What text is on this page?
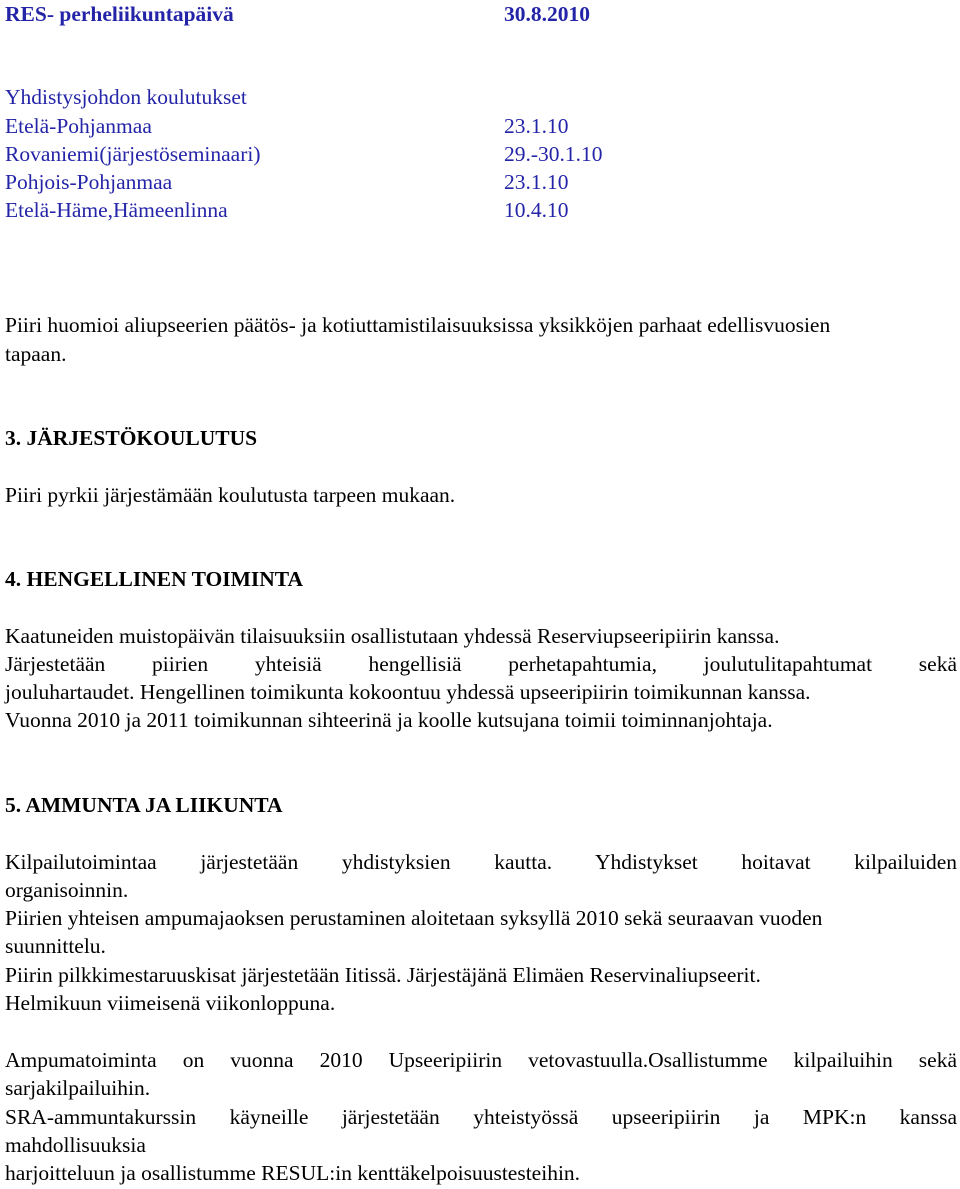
RES- perheliikuntapäivä	30.8.2010
Yhdistysjohdon koulutukset
Etelä-Pohjanmaa	23.1.10
Rovaniemi(järjestöseminaari)	29.-30.1.10
Pohjois-Pohjanmaa	23.1.10
Etelä-Häme,Hämeenlinna	10.4.10
Piiri huomioi aliupseerien päätös- ja kotiuttamistilaisuuksissa yksikköjen parhaat edellisvuosien
tapaan.
3. JÄRJESTÖKOULUTUS
Piiri pyrkii järjestämään koulutusta tarpeen mukaan.
4. HENGELLINEN TOIMINTA
Kaatuneiden muistopäivän tilaisuuksiin osallistutaan yhdessä Reserviupseeripiirin kanssa.
Järjestetään piirien yhteisiä hengellisiä perhetapahtumia, joulutulitapahtumat sekä
jouluhartaudet. Hengellinen toimikunta kokoontuu yhdessä upseeripiirin toimikunnan kanssa.
Vuonna 2010 ja 2011 toimikunnan sihteerinä ja koolle kutsujana toimii toiminnanjohtaja.
5. AMMUNTA JA LIIKUNTA
Kilpailutoimintaa järjestetään yhdistyksien kautta. Yhdistykset hoitavat kilpailuiden
organisoinnin.
Piirien yhteisen ampumajaoksen perustaminen aloitetaan syksyllä 2010 sekä seuraavan vuoden
suunnittelu.
Piirin pilkkimestaruuskisat järjestetään Iitissä. Järjestäjänä Elimäen Reservinaliupseerit.
Helmikuun viimeisenä viikonloppuna.
Ampumatoiminta on vuonna 2010 Upseeripiirin vetovastuulla.Osallistumme kilpailuihin sekä
sarjakilpailuihin.
SRA-ammuntakurssin käyneille järjestetään yhteistyössä upseeripiirin ja MPK:n kanssa
mahdollisuuksia
harjoitteluun ja osallistumme RESUL:in kenttäkelpoisuustesteihin.
